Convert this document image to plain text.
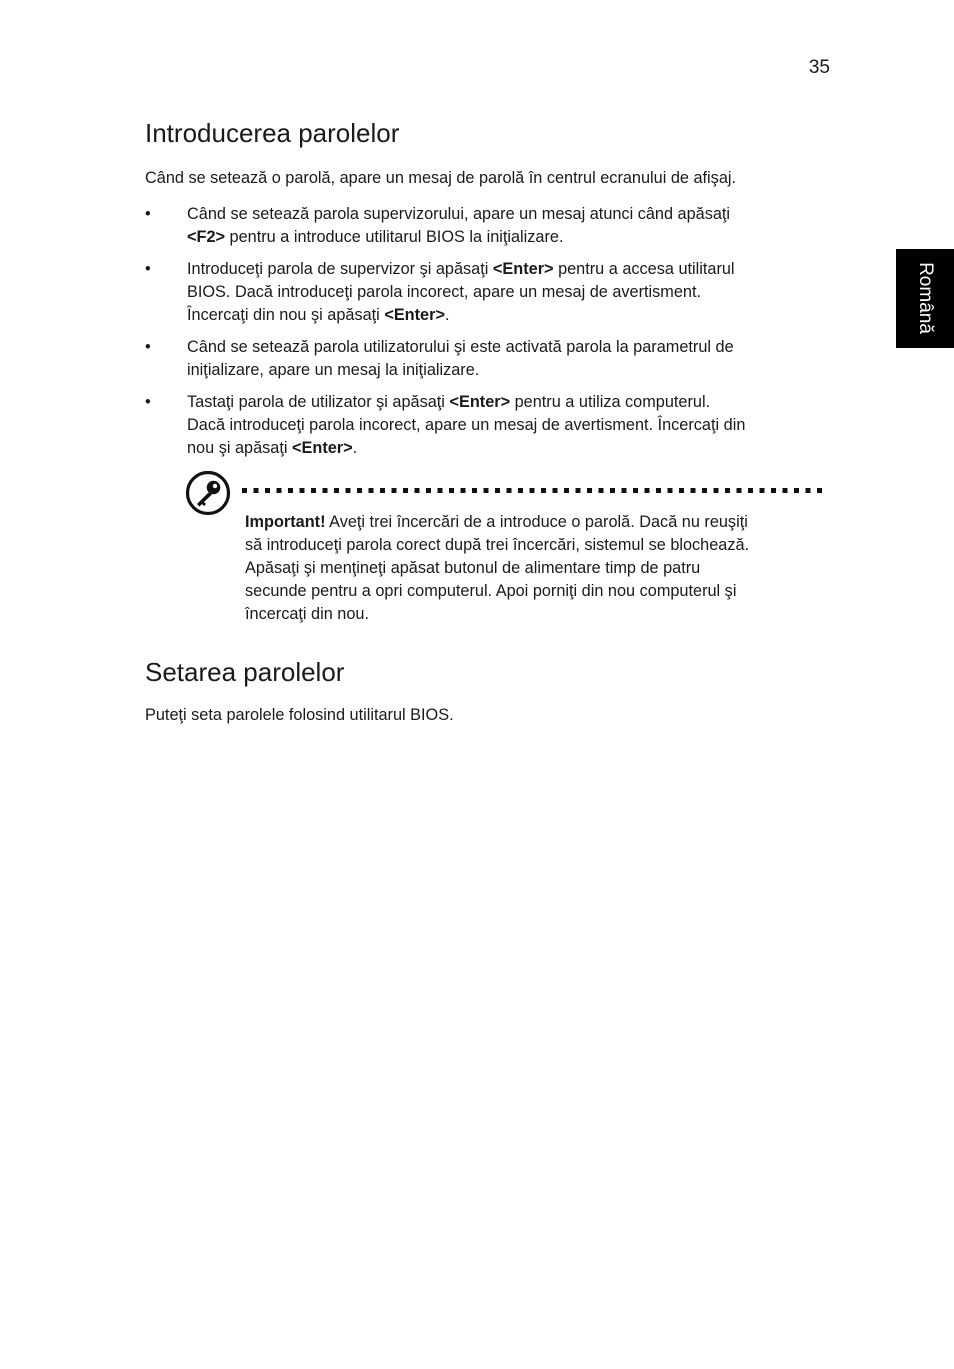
35
Română
Introducerea parolelor

Când se setează o parolă, apare un mesaj de parolă în centrul ecranului de afişaj.

• Când se setează parola supervizorului, apare un mesaj atunci când apăsaţi
<F2> pentru a introduce utilitarul BIOS la iniţializare.
• Introduceţi parola de supervizor şi apăsaţi <Enter> pentru a accesa utilitarul
BIOS. Dacă introduceţi parola incorect, apare un mesaj de avertisment.
Încercaţi din nou şi apăsaţi <Enter>.
• Când se setează parola utilizatorului şi este activată parola la parametrul de
iniţializare, apare un mesaj la iniţializare.
• Tastaţi parola de utilizator şi apăsaţi <Enter> pentru a utiliza computerul.
Dacă introduceţi parola incorect, apare un mesaj de avertisment. Încercaţi din
nou şi apăsaţi <Enter>.

Important! Aveţi trei încercări de a introduce o parolă. Dacă nu reuşiţi
să introduceţi parola corect după trei încercări, sistemul se blochează.
Apăsaţi şi menţineţi apăsat butonul de alimentare timp de patru
secunde pentru a opri computerul. Apoi porniţi din nou computerul şi
încercaţi din nou.

Setarea parolelor

Puteţi seta parolele folosind utilitarul BIOS.
